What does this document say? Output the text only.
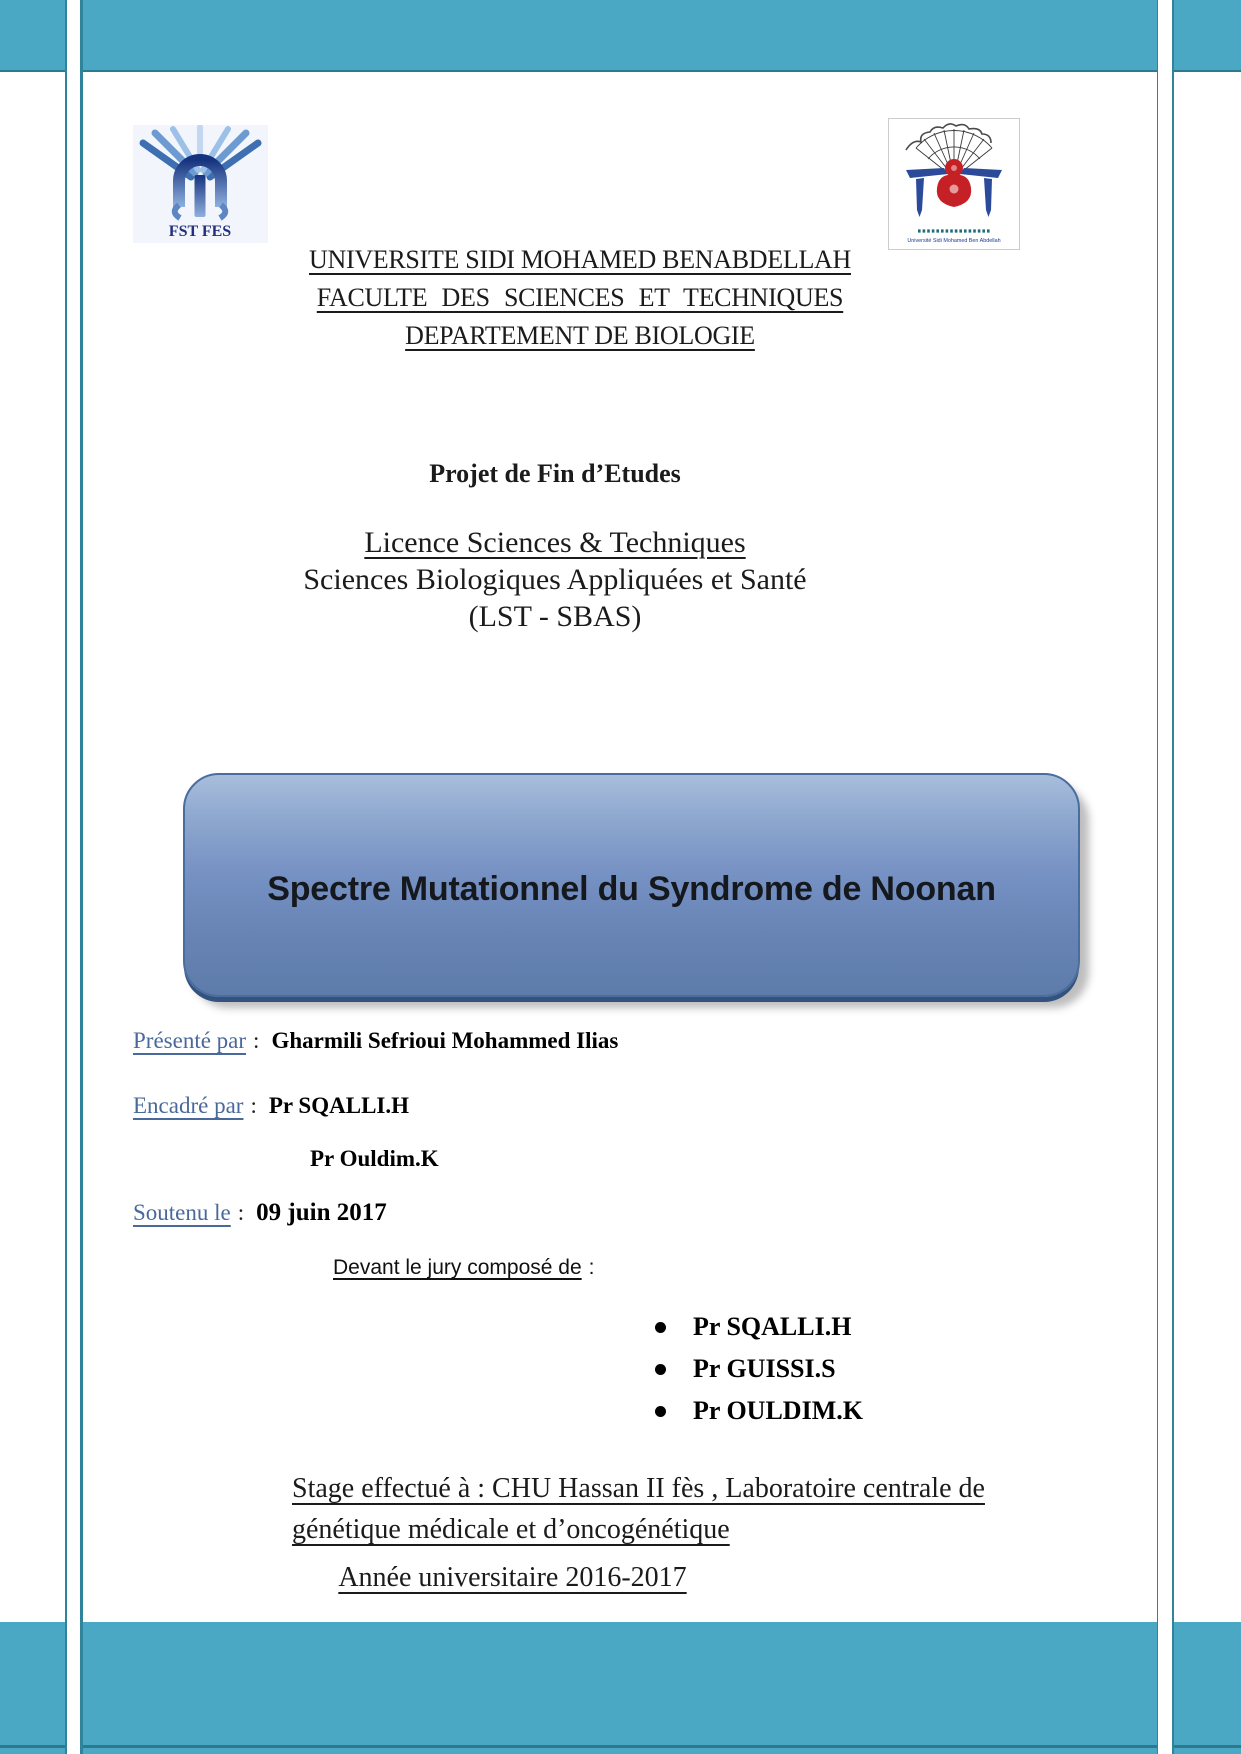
FST FES
Université Sidi Mohamed Ben Abdellah
UNIVERSITE SIDI MOHAMED BENABDELLAH
FACULTE DES SCIENCES ET TECHNIQUES
DEPARTEMENT DE BIOLOGIE
Projet de Fin d’Etudes
Licence Sciences & Techniques
Sciences Biologiques Appliquées et Santé
(LST - SBAS)
Spectre Mutationnel du Syndrome de Noonan
Présenté par : Gharmili Sefrioui Mohammed Ilias
Encadré par : Pr SQALLI.H
Pr Ouldim.K
Soutenu le : 09 juin 2017
Devant le jury composé de :
Pr SQALLI.H
Pr GUISSI.S
Pr OULDIM.K
Stage effectué à : CHU Hassan II fès , Laboratoire centrale de
génétique médicale et d’oncogénétique
Année universitaire 2016-2017
